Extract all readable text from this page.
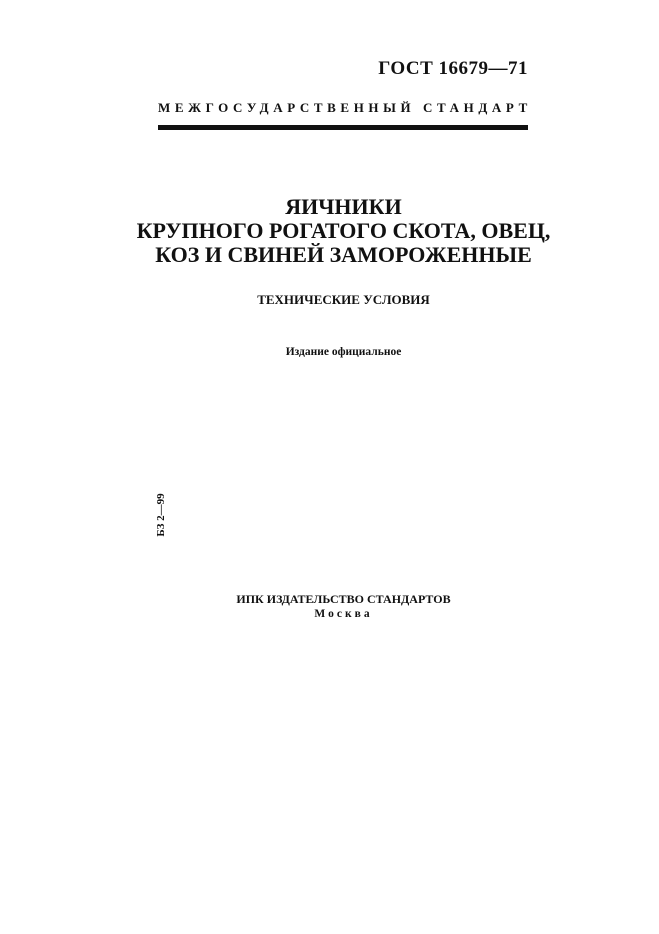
ГОСТ 16679—71
МЕЖГОСУДАРСТВЕННЫЙ СТАНДАРТ
ЯИЧНИКИ
КРУПНОГО РОГАТОГО СКОТА, ОВЕЦ,
КОЗ И СВИНЕЙ ЗАМОРОЖЕННЫЕ
ТЕХНИЧЕСКИЕ УСЛОВИЯ
Издание официальное
БЗ 2—99
ИПК ИЗДАТЕЛЬСТВО СТАНДАРТОВ
Москва
